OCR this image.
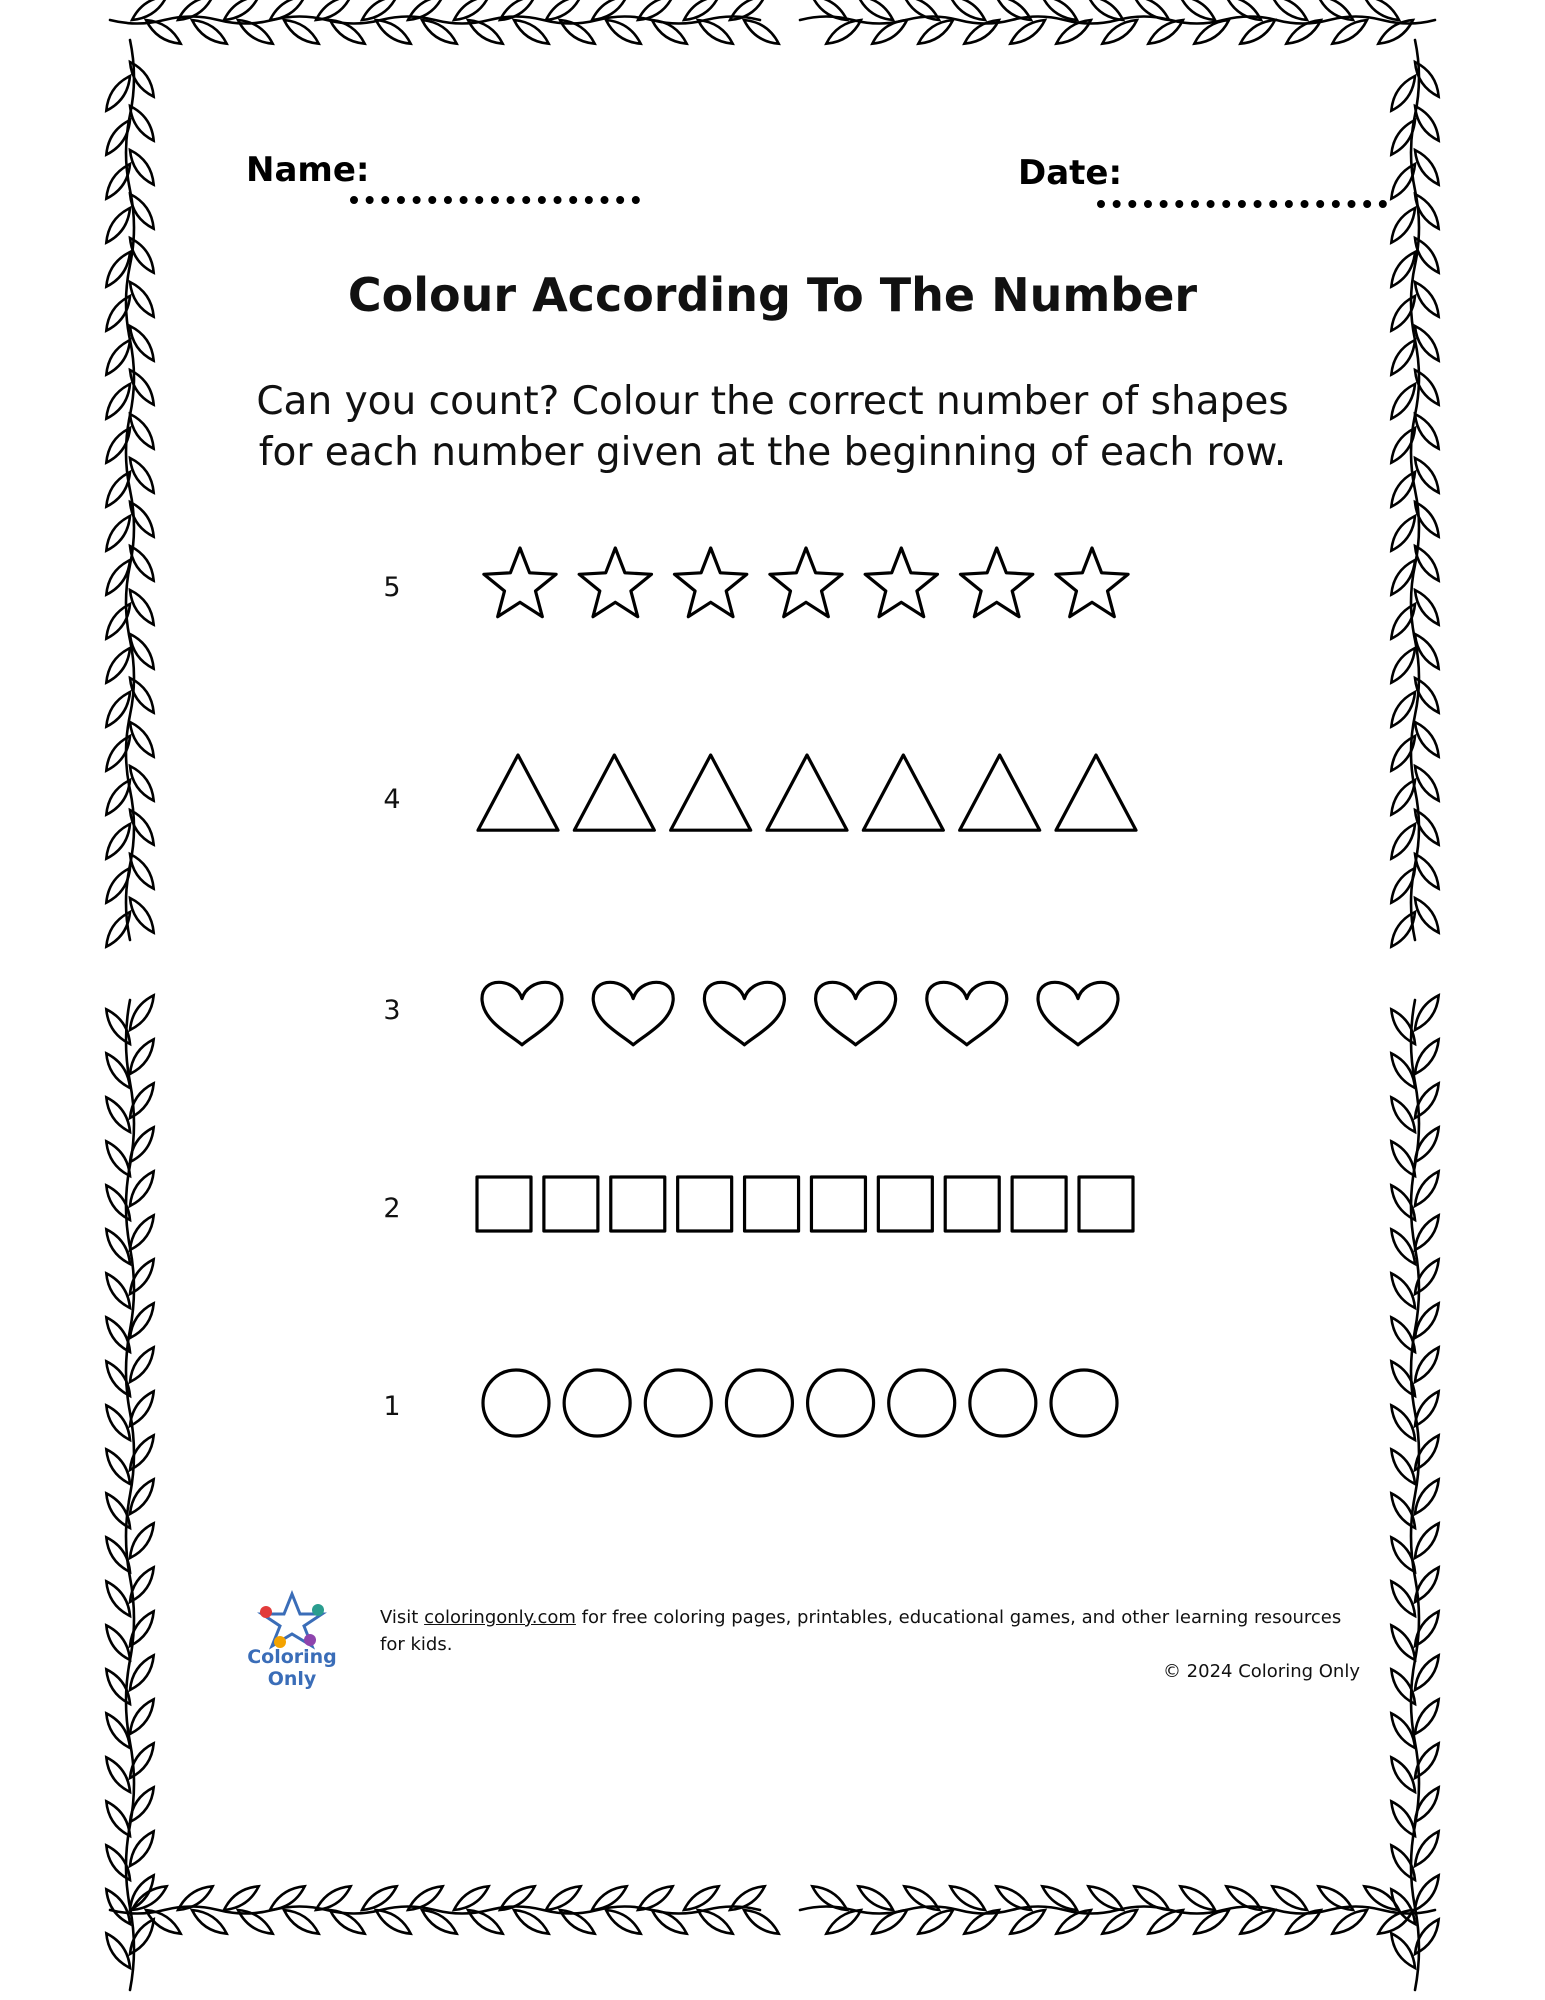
Name:	Date:
Colour According To The Number

Can you count? Colour the correct number of shapes for each number given at the beginning of each row.

5
4
3
2
1
Coloring Only
Visit coloringonly.com for free coloring pages, printables, educational games, and other learning resources for kids.
© 2024 Coloring Only
